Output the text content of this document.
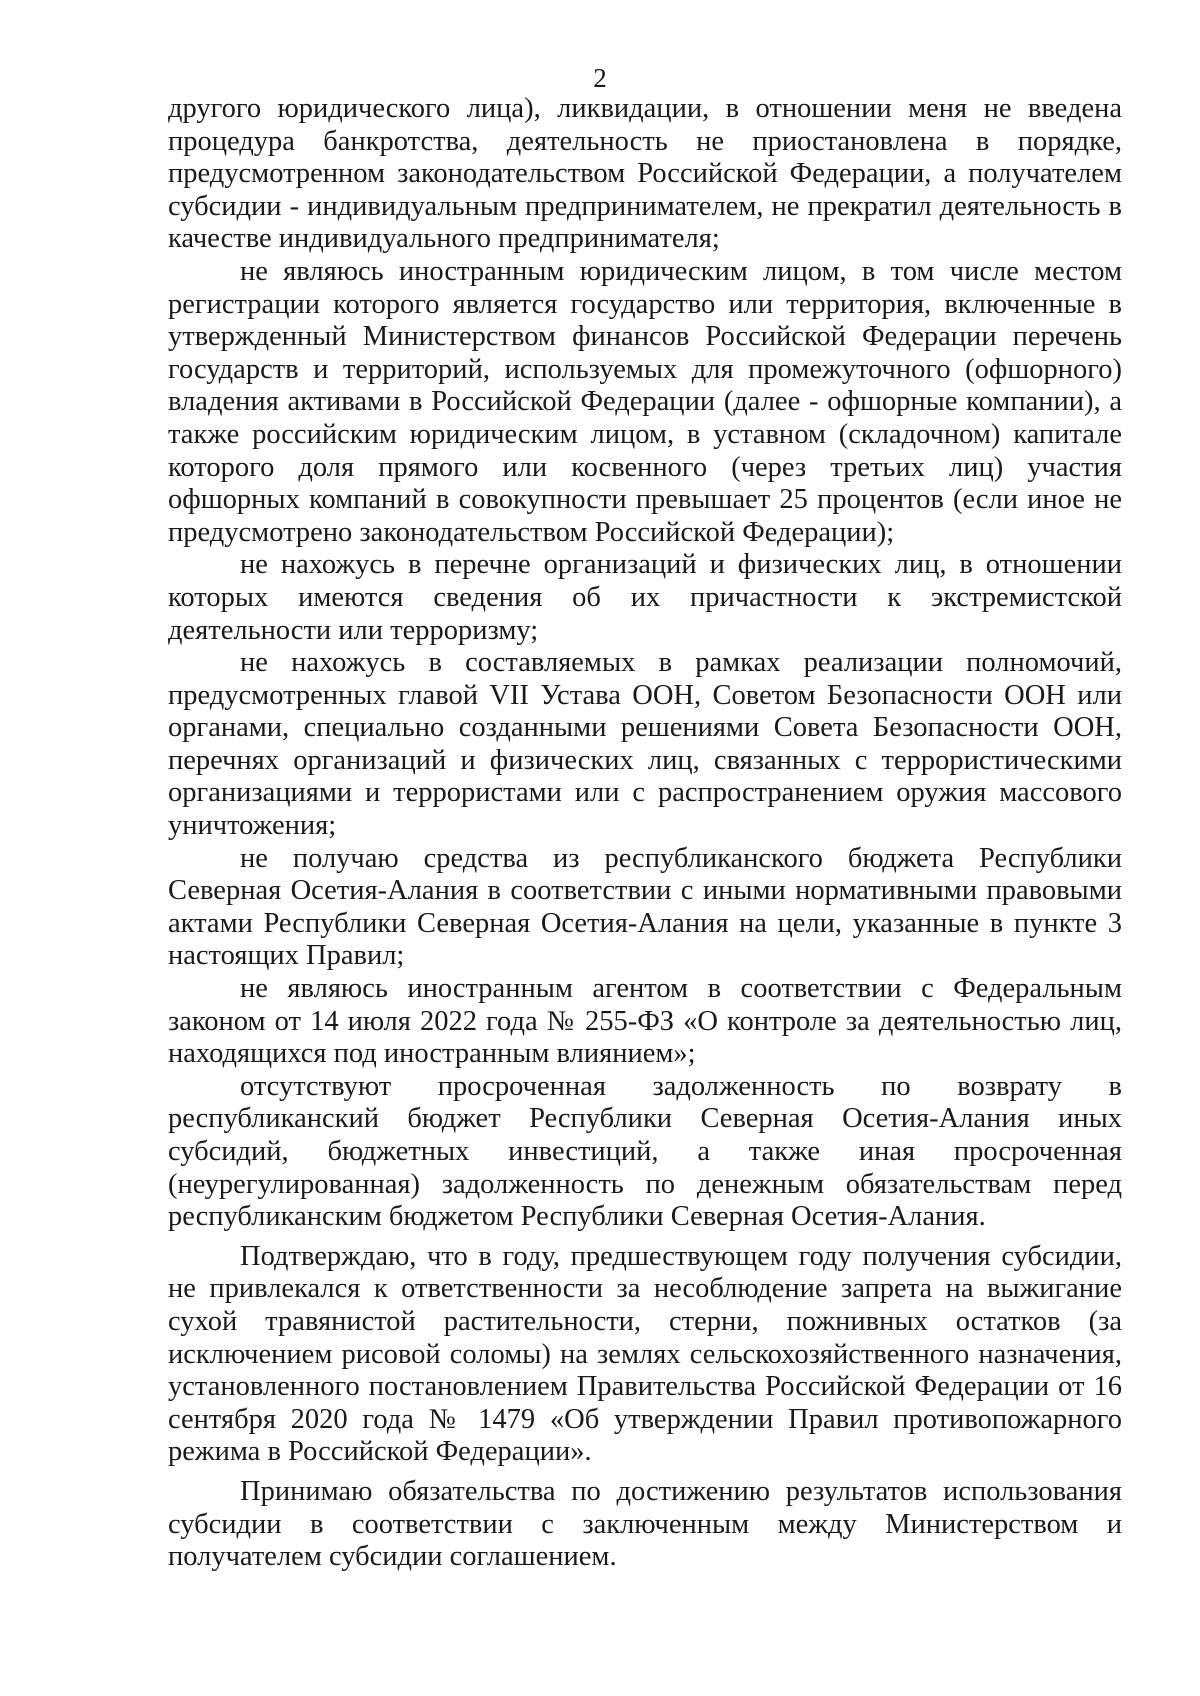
2

другого юридического лица), ликвидации, в отношении меня не введена процедура банкротства, деятельность не приостановлена в порядке, предусмотренном законодательством Российской Федерации, а получателем субсидии - индивидуальным предпринимателем, не прекратил деятельность в качестве индивидуального предпринимателя;

не являюсь иностранным юридическим лицом, в том числе местом регистрации которого является государство или территория, включенные в утвержденный Министерством финансов Российской Федерации перечень государств и территорий, используемых для промежуточного (офшорного) владения активами в Российской Федерации (далее - офшорные компании), а также российским юридическим лицом, в уставном (складочном) капитале которого доля прямого или косвенного (через третьих лиц) участия офшорных компаний в совокупности превышает 25 процентов (если иное не предусмотрено законодательством Российской Федерации);

не нахожусь в перечне организаций и физических лиц, в отношении которых имеются сведения об их причастности к экстремистской деятельности или терроризму;

не нахожусь в составляемых в рамках реализации полномочий, предусмотренных главой VII Устава ООН, Советом Безопасности ООН или органами, специально созданными решениями Совета Безопасности ООН, перечнях организаций и физических лиц, связанных с террористическими организациями и террористами или с распространением оружия массового уничтожения;

не получаю средства из республиканского бюджета Республики Северная Осетия-Алания в соответствии с иными нормативными правовыми актами Республики Северная Осетия-Алания на цели, указанные в пункте 3 настоящих Правил;

не являюсь иностранным агентом в соответствии с Федеральным законом от 14 июля 2022 года № 255-ФЗ «О контроле за деятельностью лиц, находящихся под иностранным влиянием»;

отсутствуют просроченная задолженность по возврату в республиканский бюджет Республики Северная Осетия-Алания иных субсидий, бюджетных инвестиций, а также иная просроченная (неурегулированная) задолженность по денежным обязательствам перед республиканским бюджетом Республики Северная Осетия-Алания.

Подтверждаю, что в году, предшествующем году получения субсидии, не привлекался к ответственности за несоблюдение запрета на выжигание сухой травянистой растительности, стерни, пожнивных остатков (за исключением рисовой соломы) на землях сельскохозяйственного назначения, установленного постановлением Правительства Российской Федерации от 16 сентября 2020 года № 1479 «Об утверждении Правил противопожарного режима в Российской Федерации».

Принимаю обязательства по достижению результатов использования субсидии в соответствии с заключенным между Министерством и получателем субсидии соглашением.
